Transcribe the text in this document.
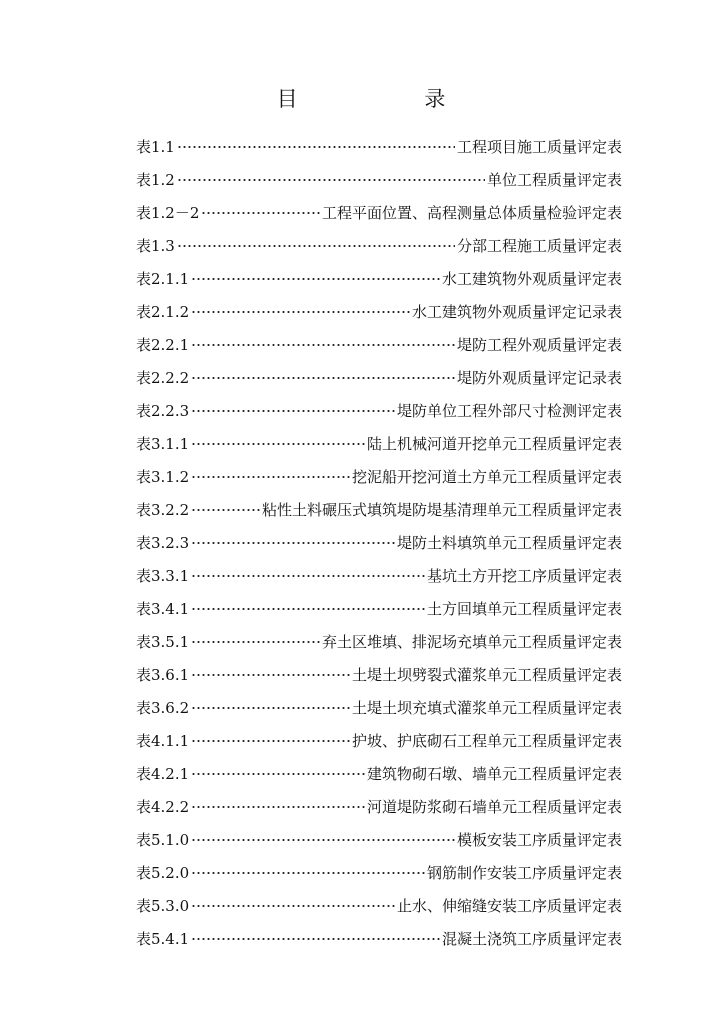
目 录
表1.1	工程项目施工质量评定表
表1.2	单位工程质量评定表
表1.2－2	工程平面位置、高程测量总体质量检验评定表
表1.3	分部工程施工质量评定表
表2.1.1	水工建筑物外观质量评定表
表2.1.2	水工建筑物外观质量评定记录表
表2.2.1	堤防工程外观质量评定表
表2.2.2	堤防外观质量评定记录表
表2.2.3	堤防单位工程外部尺寸检测评定表
表3.1.1	陆上机械河道开挖单元工程质量评定表
表3.1.2	挖泥船开挖河道土方单元工程质量评定表
表3.2.2	粘性土料碾压式填筑堤防堤基清理单元工程质量评定表
表3.2.3	堤防土料填筑单元工程质量评定表
表3.3.1	基坑土方开挖工序质量评定表
表3.4.1	土方回填单元工程质量评定表
表3.5.1	弃土区堆填、排泥场充填单元工程质量评定表
表3.6.1	土堤土坝劈裂式灌浆单元工程质量评定表
表3.6.2	土堤土坝充填式灌浆单元工程质量评定表
表4.1.1	护坡、护底砌石工程单元工程质量评定表
表4.2.1	建筑物砌石墩、墙单元工程质量评定表
表4.2.2	河道堤防浆砌石墙单元工程质量评定表
表5.1.0	模板安装工序质量评定表
表5.2.0	钢筋制作安装工序质量评定表
表5.3.0	止水、伸缩缝安装工序质量评定表
表5.4.1	混凝土浇筑工序质量评定表
